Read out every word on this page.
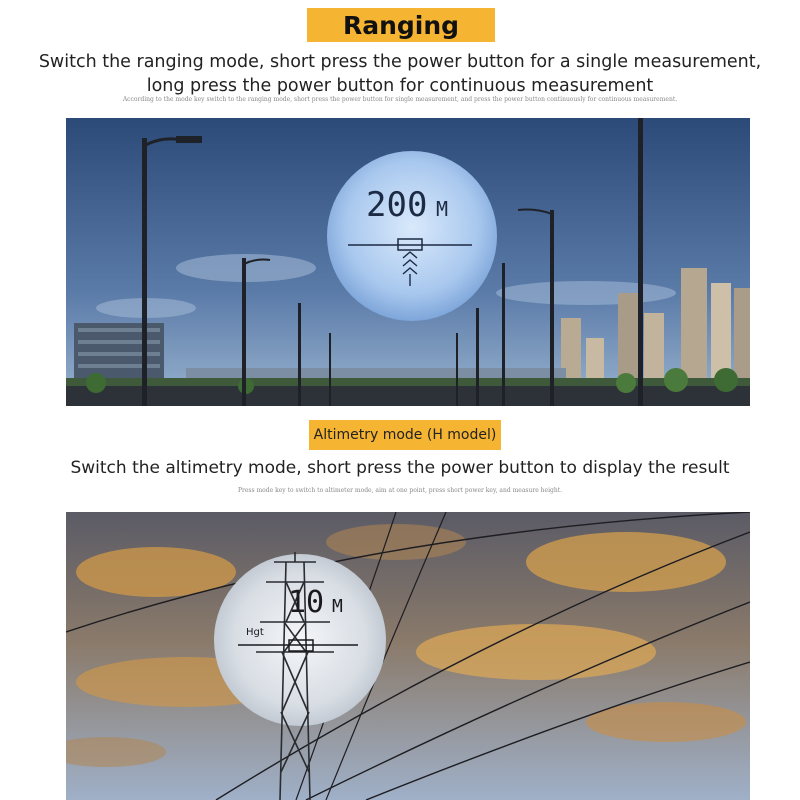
Ranging
Switch the ranging mode, short press the power button for a single measurement,
long press the power button for continuous measurement
According to the mode key switch to the ranging mode, short press the power button for single measurement, and press the power button continuously for continuous measurement.
200 M
Altimetry mode (H model)
Switch the altimetry mode, short press the power button to display the result
Press mode key to switch to altimeter mode, aim at one point, press short power key, and measure height.
10 M
Hgt
